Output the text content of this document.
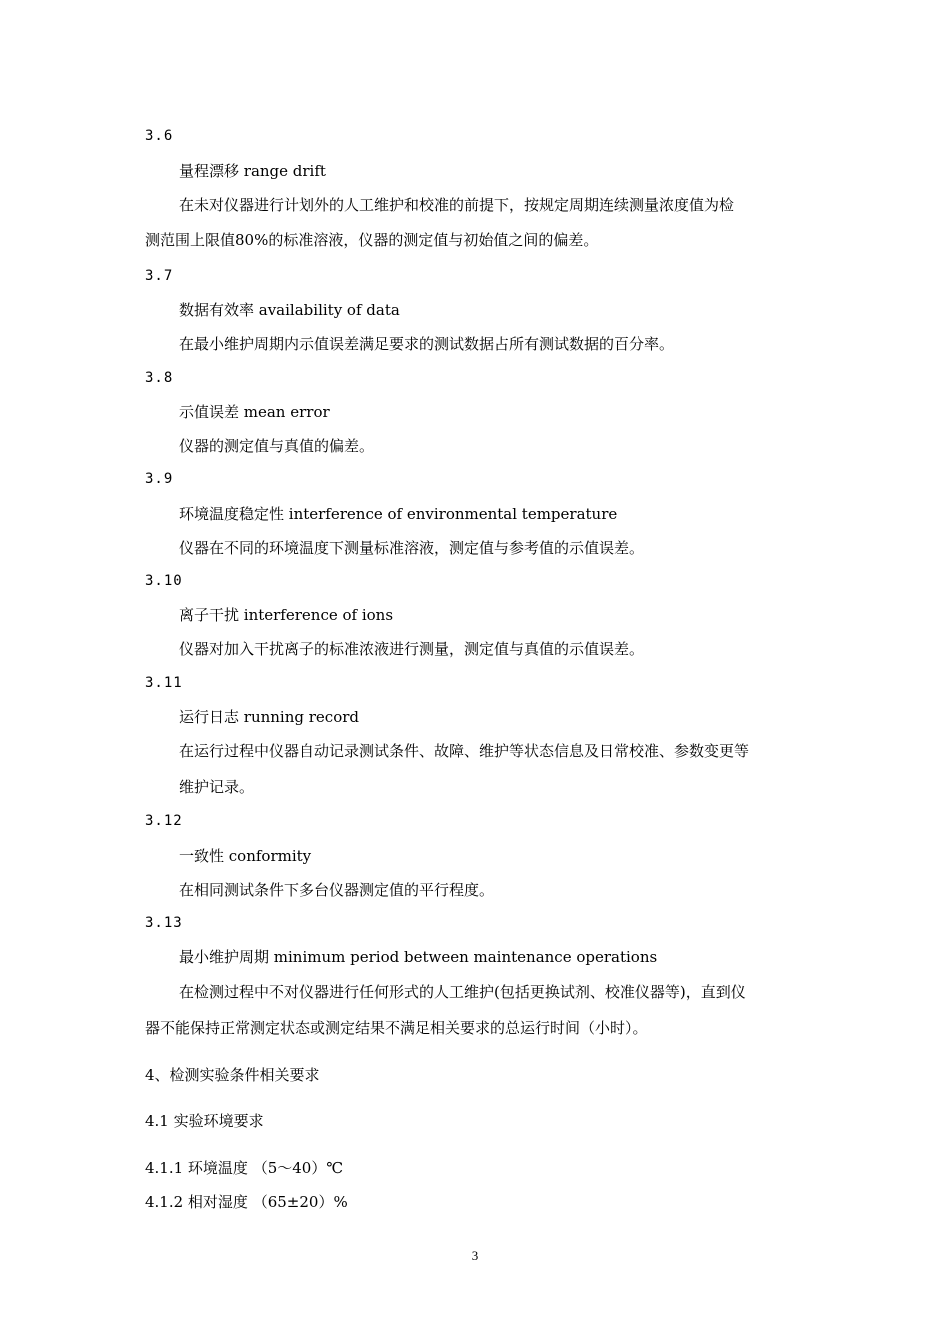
3.6
量程漂移 range drift
在未对仪器进行计划外的人工维护和校准的前提下，按规定周期连续测量浓度值为检
测范围上限值80%的标准溶液，仪器的测定值与初始值之间的偏差。
3.7
数据有效率 availability of data
在最小维护周期内示值误差满足要求的测试数据占所有测试数据的百分率。
3.8
示值误差 mean error
仪器的测定值与真值的偏差。
3.9
环境温度稳定性 interference of environmental temperature
仪器在不同的环境温度下测量标准溶液，测定值与参考值的示值误差。
3.10
离子干扰 interference of ions
仪器对加入干扰离子的标准浓液进行测量，测定值与真值的示值误差。
3.11
运行日志 running record
在运行过程中仪器自动记录测试条件、故障、维护等状态信息及日常校准、参数变更等
维护记录。
3.12
一致性 conformity
在相同测试条件下多台仪器测定值的平行程度。
3.13
最小维护周期 minimum period between maintenance operations
在检测过程中不对仪器进行任何形式的人工维护(包括更换试剂、校准仪器等)，直到仪
器不能保持正常测定状态或测定结果不满足相关要求的总运行时间（小时）。
4、检测实验条件相关要求
4.1 实验环境要求
4.1.1 环境温度 （5～40）℃
4.1.2 相对湿度 （65±20）%
3
